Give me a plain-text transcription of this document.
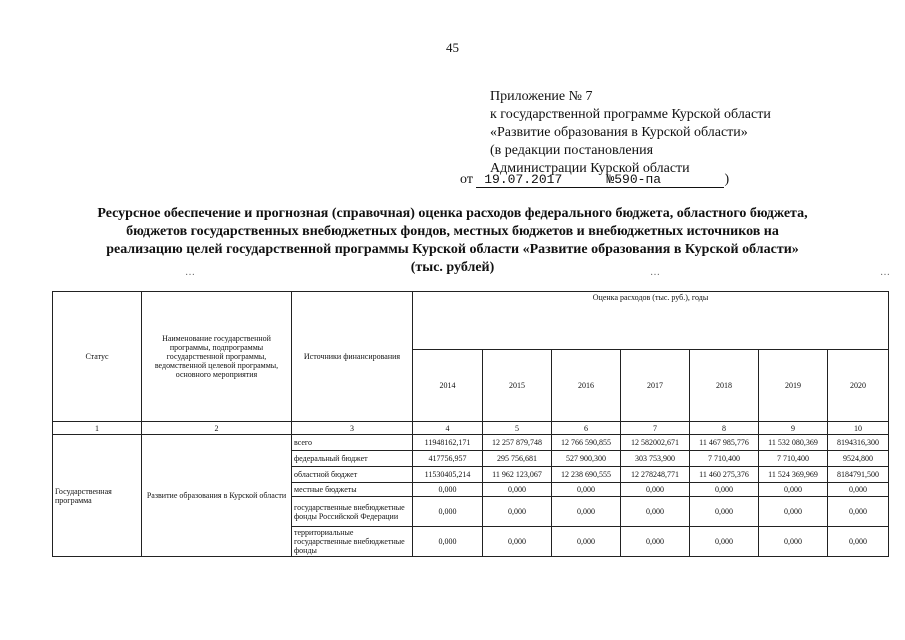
45
Приложение № 7
к государственной программе Курской области
«Развитие образования в Курской области»
(в редакции постановления
Администрации Курской области
от 19.07.2017	№590-па	)
Ресурсное обеспечение и прогнозная (справочная) оценка расходов федерального бюджета, областного бюджета,
бюджетов государственных внебюджетных фондов, местных бюджетов и внебюджетных источников на
реализацию целей государственной программы Курской области «Развитие образования в Курской области»
(тыс. рублей)
…	…	…
Статус	Наименование государственной программы, подпрограммы государственной программы, ведомственной целевой программы, основного мероприятия	Источники финансирования	Оценка расходов (тыс. руб.), годы						
			2014	2015	2016	2017	2018	2019	2020
1	2	3	4	5	6	7	8	9	10
Государственная программа	Развитие образования в Курской области	всего	11948162,171	12 257 879,748	12 766 590,855	12 582002,671	11 467 985,776	11 532 080,369	8194316,300
		федеральный бюджет	417756,957	295 756,681	527 900,300	303 753,900	7 710,400	7 710,400	9524,800
		областной бюджет	11530405,214	11 962 123,067	12 238 690,555	12 278248,771	11 460 275,376	11 524 369,969	8184791,500
		местные бюджеты	0,000	0,000	0,000	0,000	0,000	0,000	0,000
		государственные внебюджетные фонды Российской Федерации	0,000	0,000	0,000	0,000	0,000	0,000	0,000
		территориальные государственные внебюджетные фонды	0,000	0,000	0,000	0,000	0,000	0,000	0,000
